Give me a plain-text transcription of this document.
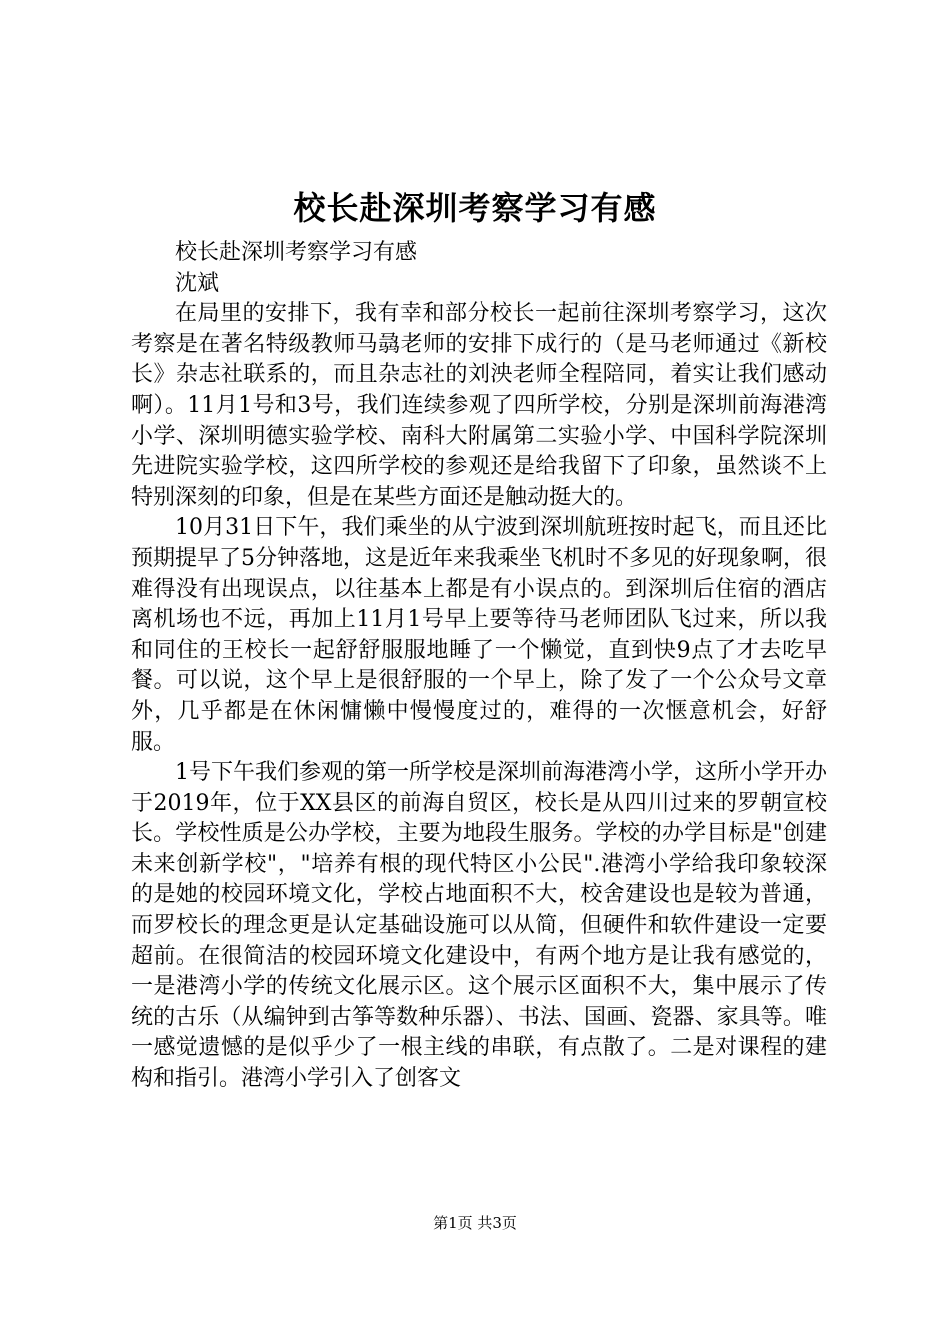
校长赴深圳考察学习有感

校长赴深圳考察学习有感

沈斌

在局里的安排下，我有幸和部分校长一起前往深圳考察学习，这次考察是在著名特级教师马骉老师的安排下成行的（是马老师通过《新校长》杂志社联系的，而且杂志社的刘泱老师全程陪同，着实让我们感动啊）。11月1号和3号，我们连续参观了四所学校，分别是深圳前海港湾小学、深圳明德实验学校、南科大附属第二实验小学、中国科学院深圳先进院实验学校，这四所学校的参观还是给我留下了印象，虽然谈不上特别深刻的印象，但是在某些方面还是触动挺大的。

10月31日下午，我们乘坐的从宁波到深圳航班按时起飞，而且还比预期提早了5分钟落地，这是近年来我乘坐飞机时不多见的好现象啊，很难得没有出现误点，以往基本上都是有小误点的。到深圳后住宿的酒店离机场也不远，再加上11月1号早上要等待马老师团队飞过来，所以我和同住的王校长一起舒舒服服地睡了一个懒觉，直到快9点了才去吃早餐。可以说，这个早上是很舒服的一个早上，除了发了一个公众号文章外，几乎都是在休闲慵懒中慢慢度过的，难得的一次惬意机会，好舒服。

1号下午我们参观的第一所学校是深圳前海港湾小学，这所小学开办于2019年，位于XX县区的前海自贸区，校长是从四川过来的罗朝宣校长。学校性质是公办学校，主要为地段生服务。学校的办学目标是"创建未来创新学校"，"培养有根的现代特区小公民".港湾小学给我印象较深的是她的校园环境文化，学校占地面积不大，校舍建设也是较为普通，而罗校长的理念更是认定基础设施可以从简，但硬件和软件建设一定要超前。在很简洁的校园环境文化建设中，有两个地方是让我有感觉的，一是港湾小学的传统文化展示区。这个展示区面积不大，集中展示了传统的古乐（从编钟到古筝等数种乐器）、书法、国画、瓷器、家具等。唯一感觉遗憾的是似乎少了一根主线的串联，有点散了。二是对课程的建构和指引。港湾小学引入了创客文

第1页 共3页
